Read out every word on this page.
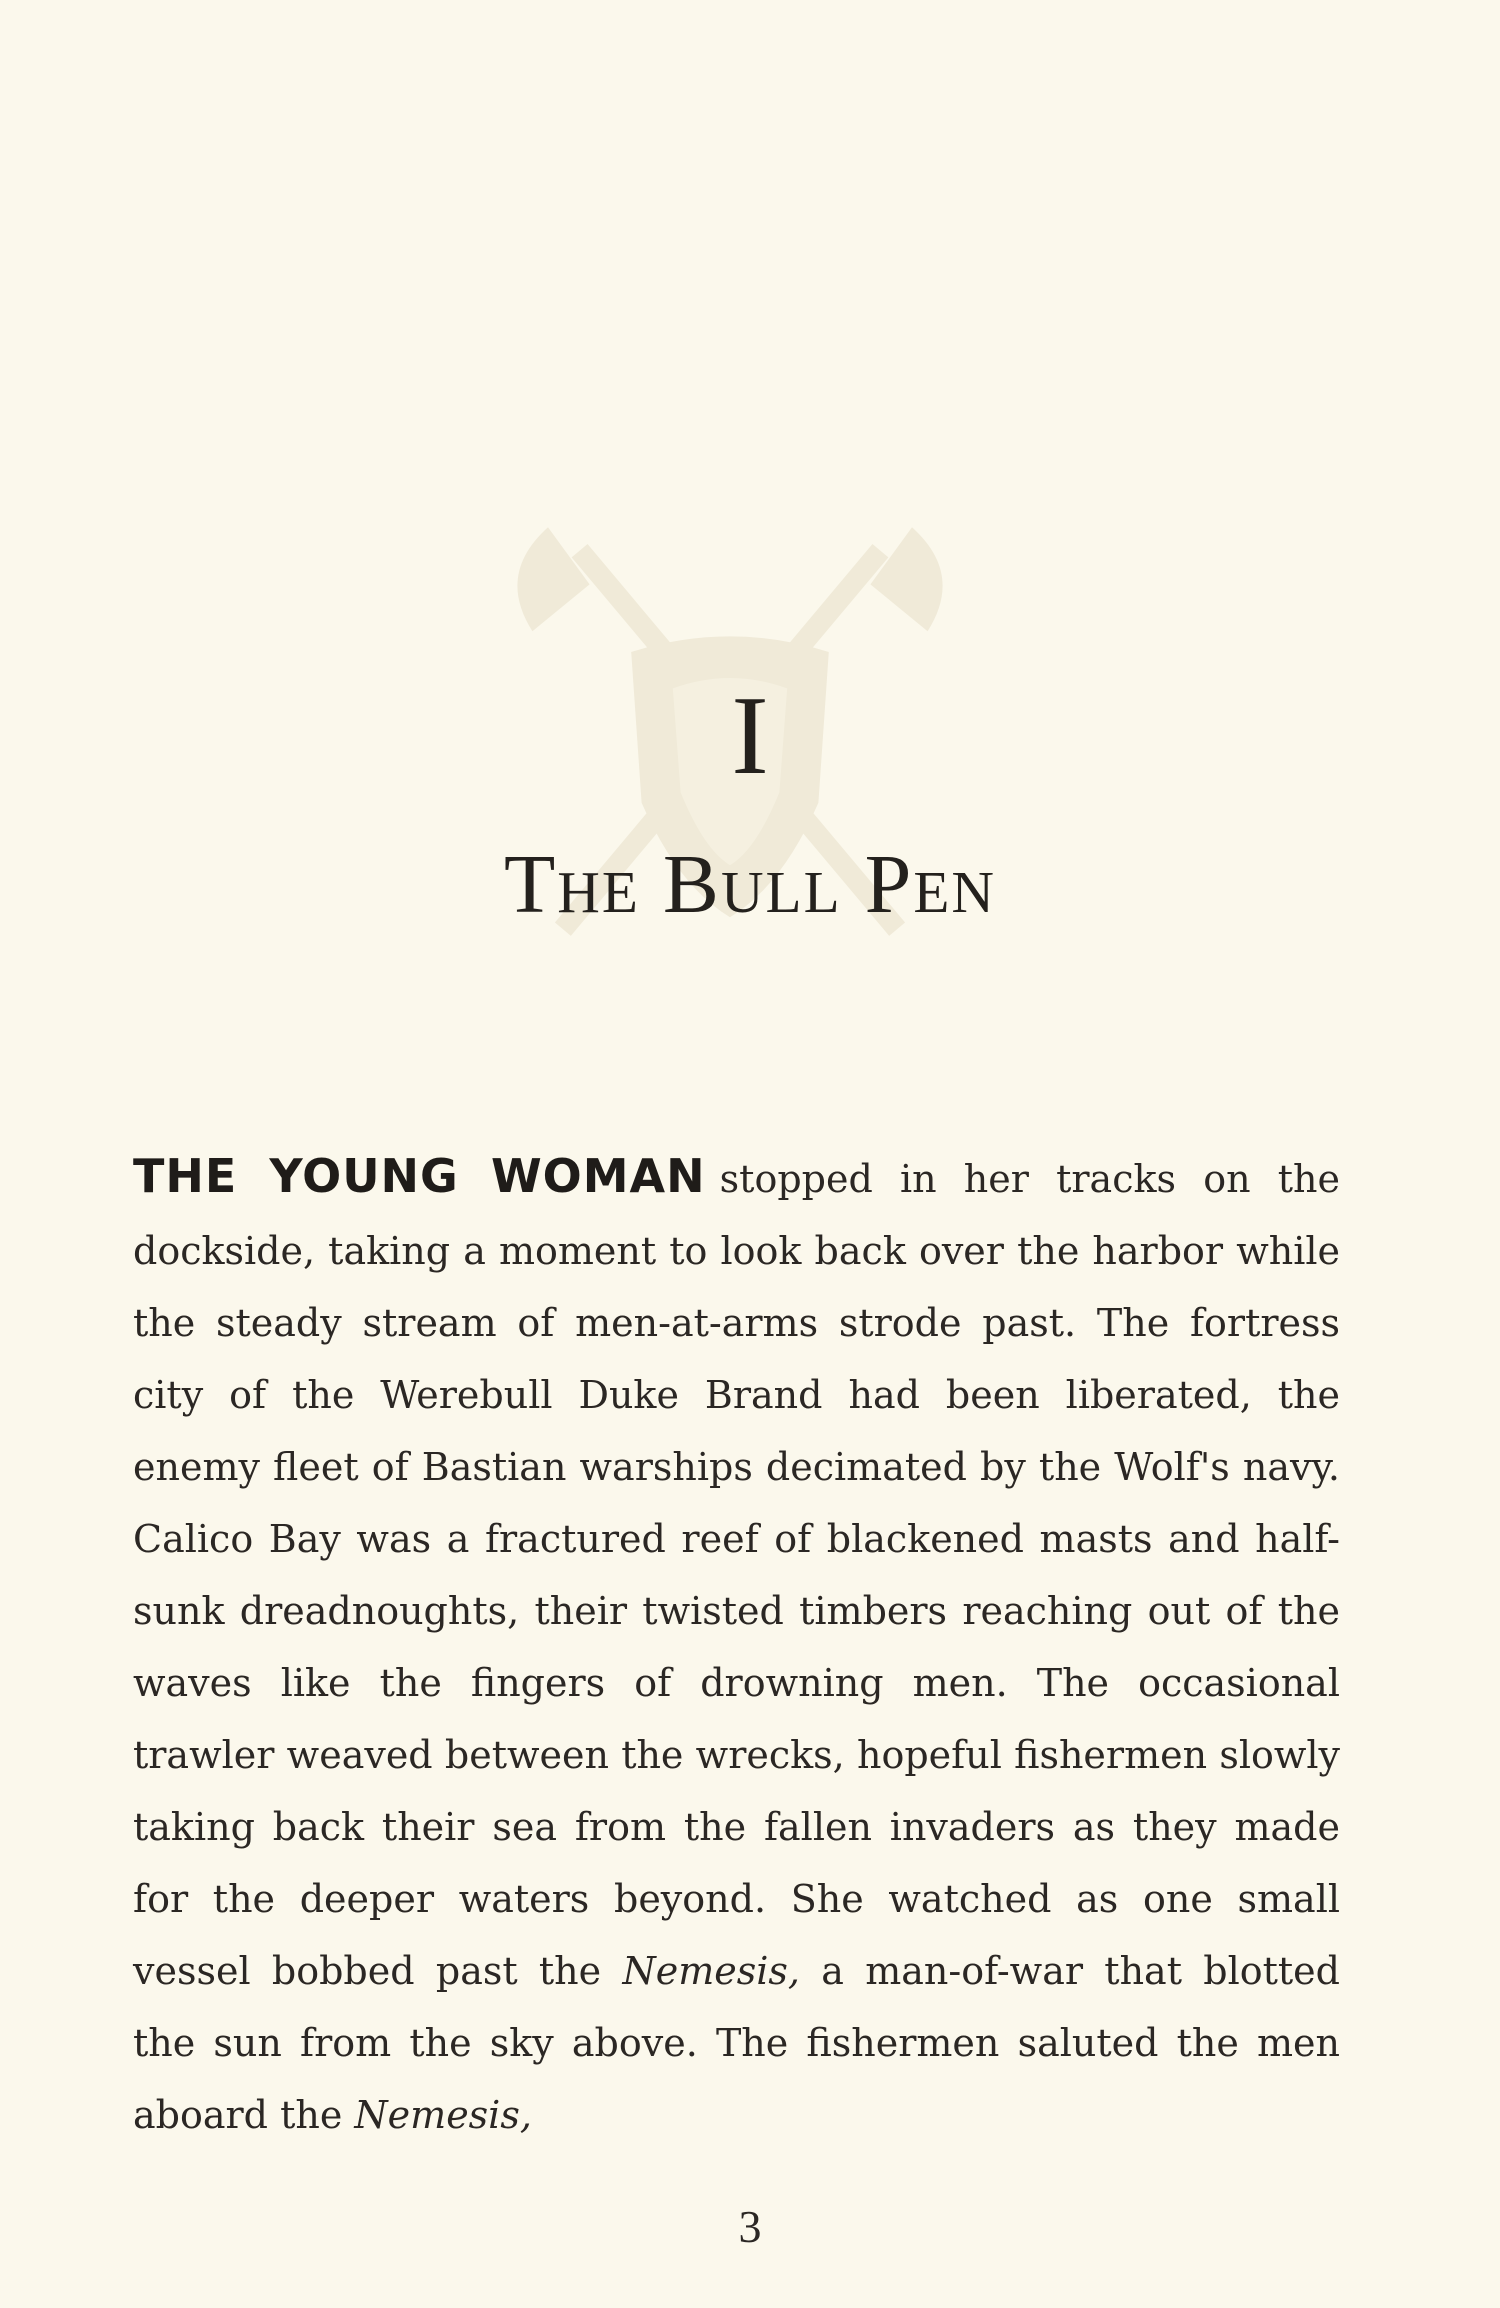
I
The Bull Pen
THE YOUNG WOMAN stopped in her tracks on the dockside, taking a moment to look back over the harbor while the steady stream of men-at-arms strode past. The fortress city of the Werebull Duke Brand had been liberated, the enemy fleet of Bastian warships decimated by the Wolf's navy. Calico Bay was a fractured reef of blackened masts and half-sunk dreadnoughts, their twisted timbers reaching out of the waves like the fingers of drowning men. The occasional trawler weaved between the wrecks, hopeful fishermen slowly taking back their sea from the fallen invaders as they made for the deeper waters beyond. She watched as one small vessel bobbed past the Nemesis, a man-of-war that blotted the sun from the sky above. The fishermen saluted the men aboard the Nemesis,
3
